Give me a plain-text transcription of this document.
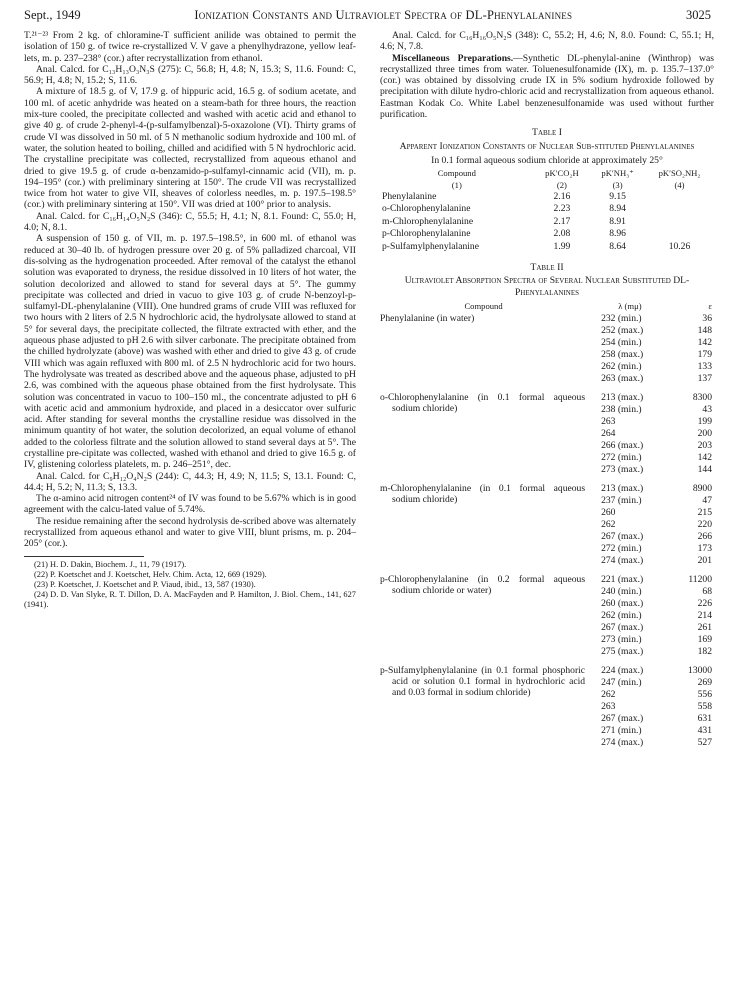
Sept., 1949	Ionization Constants and Ultraviolet Spectra of DL-Phenylalanines	3025

T.²¹⁻²³ From 2 kg. of chloramine-T sufficient anilide was obtained to permit the isolation of 150 g. of twice re-crystallized V. V gave a phenylhydrazone, yellow leaf-lets, m. p. 237–238° (cor.) after recrystallization from ethanol.

Anal. Calcd. for C₁₃H₁₃O₃N₃S (275): C, 56.8; H, 4.8; N, 15.3; S, 11.6. Found: C, 56.9; H, 4.8; N, 15.2; S, 11.6.

A mixture of 18.5 g. of V, 17.9 g. of hippuric acid, 16.5 g. of sodium acetate, and 100 ml. of acetic anhydride was heated on a steam-bath for three hours, the reaction mix-ture cooled, the precipitate collected and washed with acetic acid and ethanol to give 40 g. of crude 2-phenyl-4-(p-sulfamylbenzal)-5-oxazolone (VI). Thirty grams of crude VI was dissolved in 50 ml. of 5 N methanolic sodium hydroxide and 100 ml. of water, the solution heated to boiling, chilled and acidified with 5 N hydrochloric acid. The crystalline precipitate was collected, recrystallized from aqueous ethanol and dried to give 19.5 g. of crude α-benzamido-p-sulfamyl-cinnamic acid (VII), m. p. 194–195° (cor.) with preliminary sintering at 150°. The crude VII was recrystallized twice from hot water to give VII, sheaves of colorless needles, m. p. 197.5–198.5° (cor.) with preliminary sintering at 150°. VII was dried at 100° prior to analysis.

Anal. Calcd. for C₁₆H₁₄O₅N₂S (346): C, 55.5; H, 4.1; N, 8.1. Found: C, 55.0; H, 4.0; N, 8.1.

A suspension of 150 g. of VII, m. p. 197.5–198.5°, in 600 ml. of ethanol was reduced at 30–40 lb. of hydrogen pressure over 20 g. of 5% palladized charcoal, VII dis-solving as the hydrogenation proceeded. After removal of the catalyst the ethanol solution was evaporated to dryness, the residue dissolved in 10 liters of hot water, the solution decolorized and allowed to stand for several days at 5°. The gummy precipitate was collected and dried in vacuo to give 103 g. of crude N-benzoyl-p-sulfamyl-DL-phenylalanine (VIII). One hundred grams of crude VIII was refluxed for two hours with 2 liters of 2.5 N hydrochloric acid, the hydrolysate allowed to stand at 5° for several days, the precipitate collected, the filtrate extracted with ether, and the aqueous phase adjusted to pH 2.6 with silver carbonate. The precipitate obtained from the chilled hydrolyzate (above) was washed with ether and dried to give 43 g. of crude VIII which was again refluxed with 800 ml. of 2.5 N hydrochloric acid for two hours. The hydrolysate was treated as described above and the aqueous phase, adjusted to pH 2.6, was combined with the aqueous phase obtained from the first hydrolysate. This solution was concentrated in vacuo to 100–150 ml., the concentrate adjusted to pH 6 with acetic acid and ammonium hydroxide, and placed in a desiccator over sulfuric acid. After standing for several months the crystalline residue was dissolved in the minimum quantity of hot water, the solution decolorized, an equal volume of ethanol added to the colorless filtrate and the solution allowed to stand several days at 5°. The crystalline pre-cipitate was collected, washed with ethanol and dried to give 16.5 g. of IV, glistening colorless platelets, m. p. 246–251°, dec.

Anal. Calcd. for C₉H₁₂O₄N₂S (244): C, 44.3; H, 4.9; N, 11.5; S, 13.1. Found: C, 44.4; H, 5.2; N, 11.3; S, 13.3.

The α-amino acid nitrogen content²⁴ of IV was found to be 5.67% which is in good agreement with the calcu-lated value of 5.74%.

The residue remaining after the second hydrolysis de-scribed above was alternately recrystallized from aqueous ethanol and water to give VIII, blunt prisms, m. p. 204–205° (cor.).

(21) H. D. Dakin, Biochem. J., 11, 79 (1917).

(22) P. Koetschet and J. Koetschet, Helv. Chim. Acta, 12, 669 (1929).

(23) P. Koetschet, J. Koetschet and P. Viaud, ibid., 13, 587 (1930).

(24) D. D. Van Slyke, R. T. Dillon, D. A. MacFayden and P. Hamilton, J. Biol. Chem., 141, 627 (1941).

Anal. Calcd. for C₁₆H₁₆O₅N₂S (348): C, 55.2; H, 4.6; N, 8.0. Found: C, 55.1; H, 4.6; N, 7.8.

Miscellaneous Preparations.—Synthetic DL-phenylal-anine (Winthrop) was recrystallized three times from water. Toluenesulfonamide (IX), m. p. 135.7–137.0° (cor.) was obtained by dissolving crude IX in 5% sodium hydroxide followed by precipitation with dilute hydro-chloric acid and recrystallization from aqueous ethanol. Eastman Kodak Co. White Label benzenesulfonamide was used without further purification.

Table I
Apparent Ionization Constants of Nuclear Sub-stituted Phenylalanines
In 0.1 formal aqueous sodium chloride at approximately 25°
Compound	pK′CO₂H	pK′NH₃⁺	pK′SO₂NH₂
(1)	(2)	(3)	(4)
Phenylalanine	2.16	9.15	
o-Chlorophenylalanine	2.23	8.94	
m-Chlorophenylalanine	2.17	8.91	
p-Chlorophenylalanine	2.08	8.96	
p-Sulfamylphenylalanine	1.99	8.64	10.26
Table II
Ultraviolet Absorption Spectra of Several Nuclear Substituted DL-Phenylalanines
Compound	λ (mμ)	ε
Phenylalanine (in water)	232 (min.)	36
	252 (max.)	148
	254 (min.)	142
	258 (max.)	179
	262 (min.)	133
	263 (max.)	137
o-Chlorophenylalanine (in 0.1 formal aqueous sodium chloride)	213 (max.)	8300
	238 (min.)	43
	263	199
	264	200
	266 (max.)	203
	272 (min.)	142
	273 (max.)	144
m-Chlorophenylalanine (in 0.1 formal aqueous sodium chloride)	213 (max.)	8900
	237 (min.)	47
	260	215
	262	220
	267 (max.)	266
	272 (min.)	173
	274 (max.)	201
p-Chlorophenylalanine (in 0.2 formal aqueous sodium chloride or water)	221 (max.)	11200
	240 (min.)	68
	260 (max.)	226
	262 (min.)	214
	267 (max.)	261
	273 (min.)	169
	275 (max.)	182
p-Sulfamylphenylalanine (in 0.1 formal phosphoric acid or solution 0.1 formal in hydrochloric acid and 0.03 formal in sodium chloride)	224 (max.)	13000
	247 (min.)	269
	262	556
	263	558
	267 (max.)	631
	271 (min.)	431
	274 (max.)	527
